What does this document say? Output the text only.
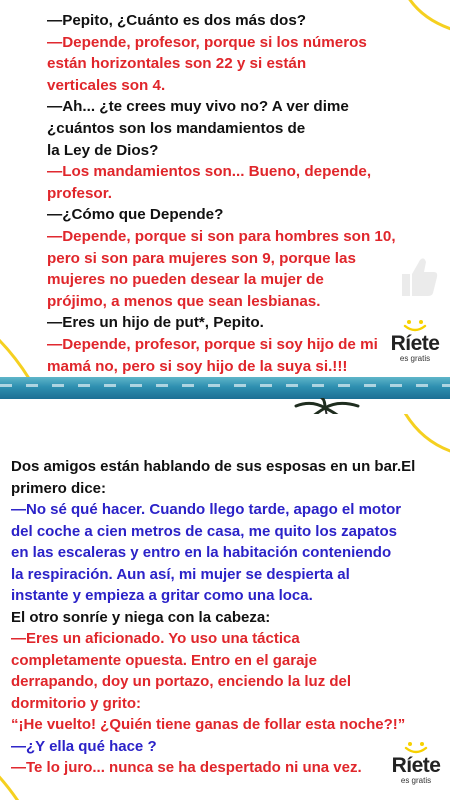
—Pepito, ¿Cuánto es dos más dos?
—Depende, profesor, porque si los números
están horizontales son 22 y si están
verticales son 4.
—Ah... ¿te crees muy vivo no? A ver dime
¿cuántos son los mandamientos de
la Ley de Dios?
—Los mandamientos son... Bueno, depende,
profesor.
—¿Cómo que Depende?
—Depende, porque si son para hombres son 10,
pero si son para mujeres son 9, porque las
mujeres no pueden desear la mujer de
prójimo, a menos que sean lesbianas.
—Eres un hijo de put*, Pepito.
—Depende, profesor, porque si soy hijo de mi
mamá no, pero si soy hijo de la suya si.!!!
Ríete
es gratis
Dos amigos están hablando de sus esposas en un bar.El
primero dice:
—No sé qué hacer. Cuando llego tarde, apago el motor
del coche a cien metros de casa, me quito los zapatos
en las escaleras y entro en la habitación conteniendo
la respiración. Aun así, mi mujer se despierta al
instante y empieza a gritar como una loca.
El otro sonríe y niega con la cabeza:
—Eres un aficionado. Yo uso una táctica
completamente opuesta. Entro en el garaje
derrapando, doy un portazo, enciendo la luz del
dormitorio y grito:
“¡He vuelto! ¿Quién tiene ganas de follar esta noche?!”
—¿Y ella qué hace ?
—Te lo juro... nunca se ha despertado ni una vez.	Ríete
es gratis
